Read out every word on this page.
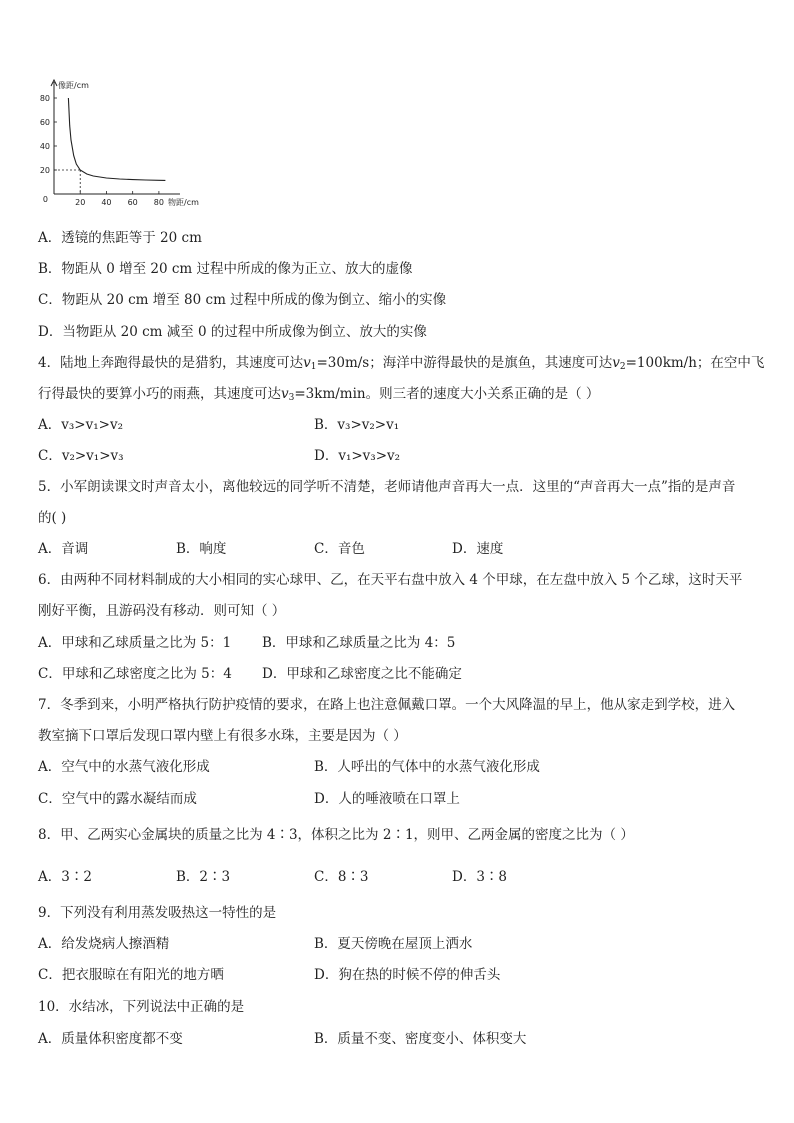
20 40 60 80
20
40
60
80
0
像距/cm
物距/cm
A．透镜的焦距等于 20 cm
B．物距从 0 增至 20 cm 过程中所成的像为正立、放大的虚像
C．物距从 20 cm 增至 80 cm 过程中所成的像为倒立、缩小的实像
D．当物距从 20 cm 减至 0 的过程中所成像为倒立、放大的实像
4．陆地上奔跑得最快的是猎豹，其速度可达$v_1=30m/s$；海洋中游得最快的是旗鱼，其速度可达$v_2=100km/h$；在空中飞
行得最快的要算小巧的雨燕，其速度可达$v_3=3km/\min$。则三者的速度大小关系正确的是（ ）
A．v₃>v₁>v₂	B．v₃>v₂>v₁
C．v₂>v₁>v₃	D．v₁>v₃>v₂
5．小军朗读课文时声音太小，离他较远的同学听不清楚，老师请他声音再大一点．这里的“声音再大一点”指的是声音
的( )
A．音调	B．响度	C．音色	D．速度
6．由两种不同材料制成的大小相同的实心球甲、乙，在天平右盘中放入 4 个甲球，在左盘中放入 5 个乙球，这时天平
刚好平衡，且游码没有移动．则可知（ ）
A．甲球和乙球质量之比为 5：1 B．甲球和乙球质量之比为 4：5
C．甲球和乙球密度之比为 5：4 D．甲球和乙球密度之比不能确定
7．冬季到来，小明严格执行防护疫情的要求，在路上也注意佩戴口罩。一个大风降温的早上，他从家走到学校，进入
教室摘下口罩后发现口罩内壁上有很多水珠，主要是因为（ ）
A．空气中的水蒸气液化形成	B．人呼出的气体中的水蒸气液化形成
C．空气中的露水凝结而成	D．人的唾液喷在口罩上
8．甲、乙两实心金属块的质量之比为 4∶3，体积之比为 2∶1，则甲、乙两金属的密度之比为（ ）
A．3∶2	B．2∶3	C．8∶3	D．3∶8
9．下列没有利用蒸发吸热这一特性的是
A．给发烧病人擦酒精	B．夏天傍晚在屋顶上洒水
C．把衣服晾在有阳光的地方晒	D．狗在热的时候不停的伸舌头
10．水结冰，下列说法中正确的是
A．质量体积密度都不变	B．质量不变、密度变小、体积变大
